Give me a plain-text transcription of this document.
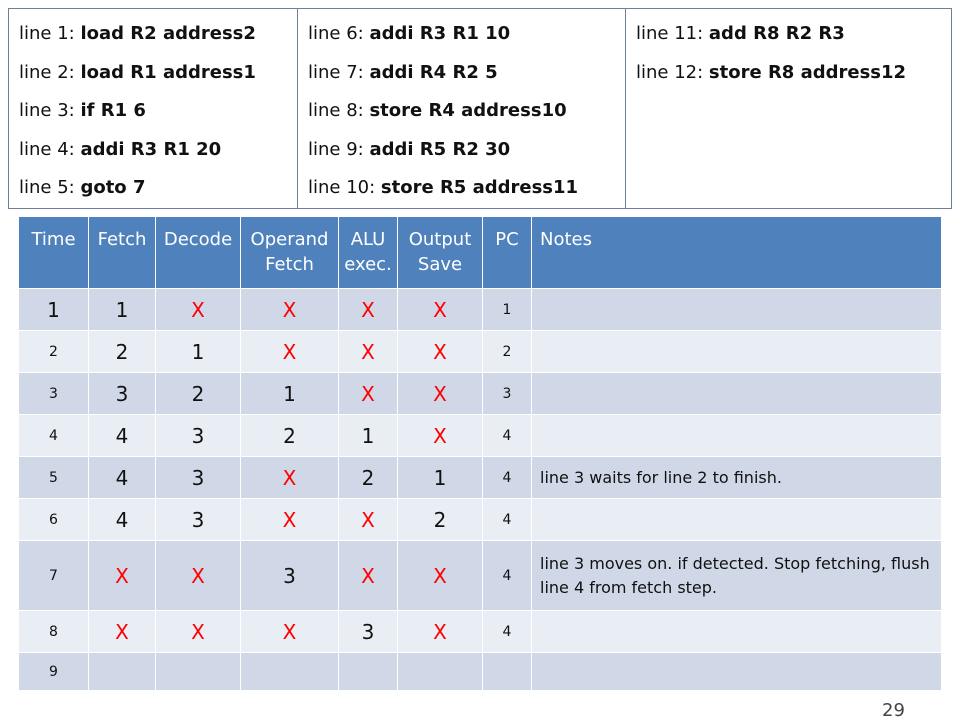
line 1: load R2 address2
line 2: load R1 address1
line 3: if R1 6
line 4: addi R3 R1 20
line 5: goto 7
line 6: addi R3 R1 10
line 7: addi R4 R2 5
line 8: store R4 address10
line 9: addi R5 R2 30
line 10: store R5 address11
line 11: add R8 R2 R3
line 12: store R8 address12
Time	Fetch	Decode	Operand Fetch	ALU exec.	Output Save	PC	Notes
1	1	X	X	X	X	1	
2	2	1	X	X	X	2	
3	3	2	1	X	X	3	
4	4	3	2	1	X	4	
5	4	3	X	2	1	4	line 3 waits for line 2 to finish.
6	4	3	X	X	2	4	
7	X	X	3	X	X	4	line 3 moves on. if detected. Stop fetching, flush line 4 from fetch step.
8	X	X	X	3	X	4	
9							
29
